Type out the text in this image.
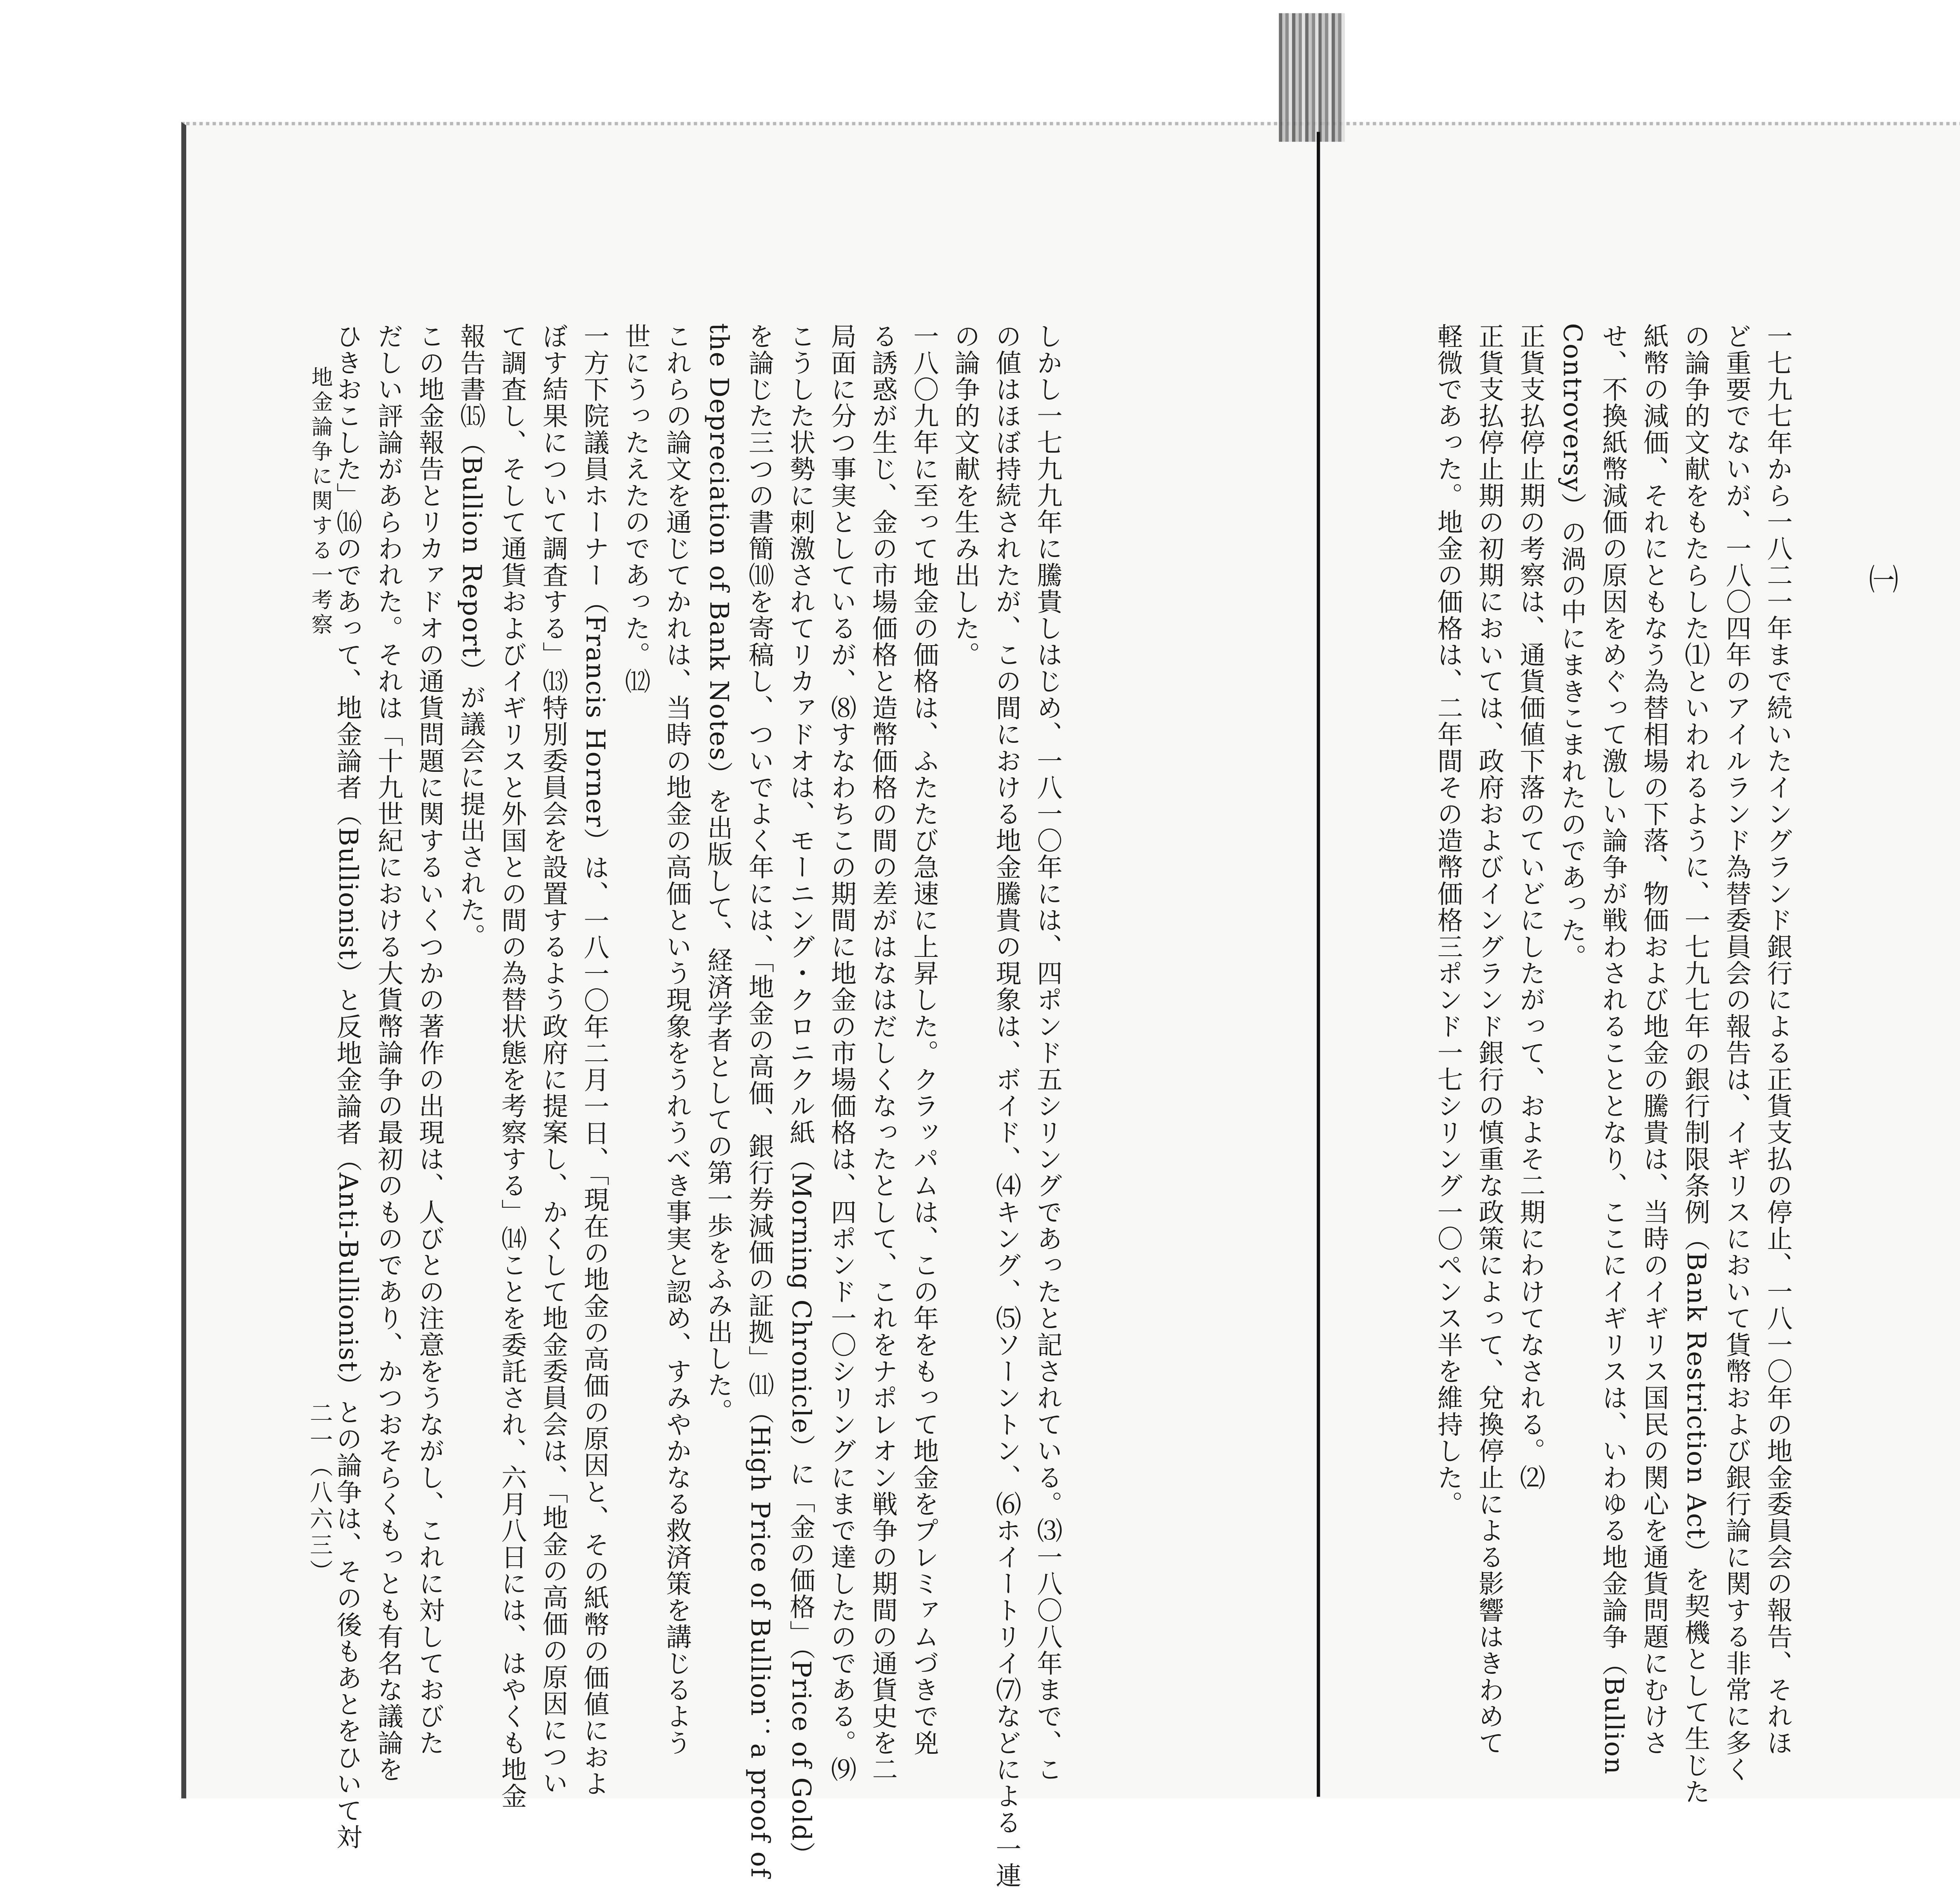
㈠

一七九七年から一八二一年まで続いたイングランド銀行による正貨支払の停止、一八一〇年の地金委員会の報告、それほ

ど重要でないが、一八〇四年のアイルランド為替委員会の報告は、イギリスにおいて貨幣および銀行論に関する非常に多く

の論争的文献をもたらした⑴といわれるように、一七九七年の銀行制限条例（Bank Restriction Act）を契機として生じた

紙幣の減価、それにともなう為替相場の下落、物価および地金の騰貴は、当時のイギリス国民の関心を通貨問題にむけさ

せ、不換紙幣減価の原因をめぐって激しい論争が戦わされることとなり、ここにイギリスは、いわゆる地金論争（Bullion

Controversy）の渦の中にまきこまれたのであった。

正貨支払停止期の考察は、通貨価値下落のていどにしたがって、およそ二期にわけてなされる。⑵

正貨支払停止期の初期においては、政府およびイングランド銀行の慎重な政策によって、兌換停止による影響はきわめて

軽微であった。地金の価格は、二年間その造幣価格三ポンド一七シリング一〇ペンス半を維持した。

しかし一七九九年に騰貴しはじめ、一八一〇年には、四ポンド五シリングであったと記されている。⑶一八〇八年まで、こ

の値はほぼ持続されたが、この間における地金騰貴の現象は、ボイド、⑷キング、⑸ソーントン、⑹ホイートリイ⑺などによる一連

の論争的文献を生み出した。

一八〇九年に至って地金の価格は、ふたたび急速に上昇した。クラッパムは、この年をもって地金をプレミァムづきで兇

る誘惑が生じ、金の市場価格と造幣価格の間の差がはなはだしくなったとして、これをナポレオン戦争の期間の通貨史を二

局面に分つ事実としているが、⑻すなわちこの期間に地金の市場価格は、四ポンド一〇シリングにまで達したのである。⑼

こうした状勢に刺激されてリカァドオは、モーニング・クロニクル紙（Morning Chronicle）に「金の価格」（Price of Gold）

を論じた三つの書簡⑽を寄稿し、ついでよく年には、「地金の高価、銀行券減価の証拠」⑾（High Price of Bullion：a proof of

the Depreciation of Bank Notes）を出版して、経済学者としての第一歩をふみ出した。

これらの論文を通じてかれは、当時の地金の高価という現象をうれうべき事実と認め、すみやかなる救済策を講じるよう

世にうったえたのであった。⑿

一方下院議員ホーナー（Francis Horner）は、一八一〇年二月一日、「現在の地金の高価の原因と、その紙幣の価値におよ

ぼす結果について調査する」⒀特別委員会を設置するよう政府に提案し、かくして地金委員会は、「地金の高価の原因につい

て調査し、そして通貨およびイギリスと外国との間の為替状態を考察する」⒁ことを委託され、六月八日には、はやくも地金

報告書⒂（Bullion Report）が議会に提出された。

この地金報告とリカァドオの通貨問題に関するいくつかの著作の出現は、人びとの注意をうながし、これに対しておびた

だしい評論があらわれた。それは「十九世紀における大貨幣論争の最初のものであり、かつおそらくもっとも有名な議論を

ひきおこした」⒃のであって、地金論者（Bullionist）と反地金論者（Anti-Bullionist）との論争は、その後もあとをひいて対

地金論争に関する一考察
二一（八六三）
